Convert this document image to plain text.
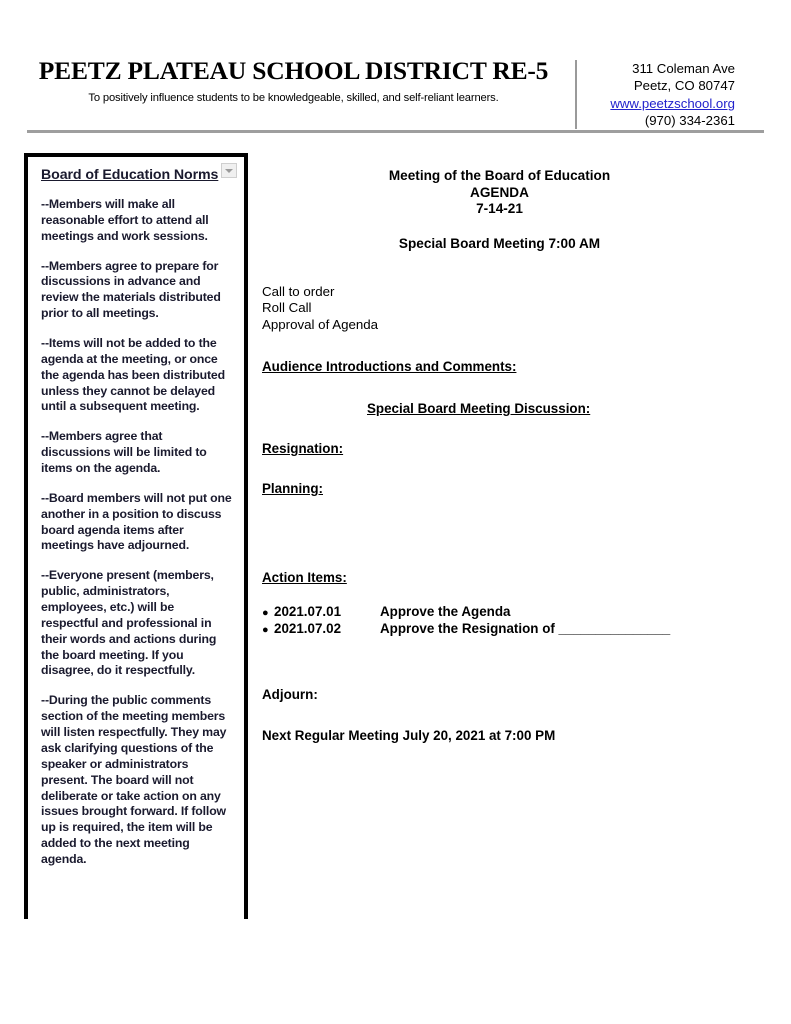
PEETZ PLATEAU SCHOOL DISTRICT RE-5
To positively influence students to be knowledgeable, skilled, and self-reliant learners.
311 Coleman Ave
Peetz, CO 80747
www.peetzschool.org
(970) 334-2361
Board of Education Norms

--Members will make all reasonable effort to attend all meetings and work sessions.

--Members agree to prepare for discussions in advance and review the materials distributed prior to all meetings.

--Items will not be added to the agenda at the meeting, or once the agenda has been distributed unless they cannot be delayed until a subsequent meeting.

--Members agree that discussions will be limited to items on the agenda.

--Board members will not put one another in a position to discuss board agenda items after meetings have adjourned.

--Everyone present (members, public, administrators, employees, etc.) will be respectful and professional in their words and actions during the board meeting. If you disagree, do it respectfully.

--During the public comments section of the meeting members will listen respectfully. They may ask clarifying questions of the speaker or administrators present. The board will not deliberate or take action on any issues brought forward. If follow up is required, the item will be added to the next meeting agenda.

Meeting of the Board of Education
AGENDA
7-14-21
Special Board Meeting 7:00 AM
Call to order
Roll Call
Approval of Agenda
Audience Introductions and Comments:
Special Board Meeting Discussion:
Resignation:
Planning:
Action Items:
● 2021.07.01	Approve the Agenda
● 2021.07.02	Approve the Resignation of _______________
Adjourn:
Next Regular Meeting July 20, 2021 at 7:00 PM
